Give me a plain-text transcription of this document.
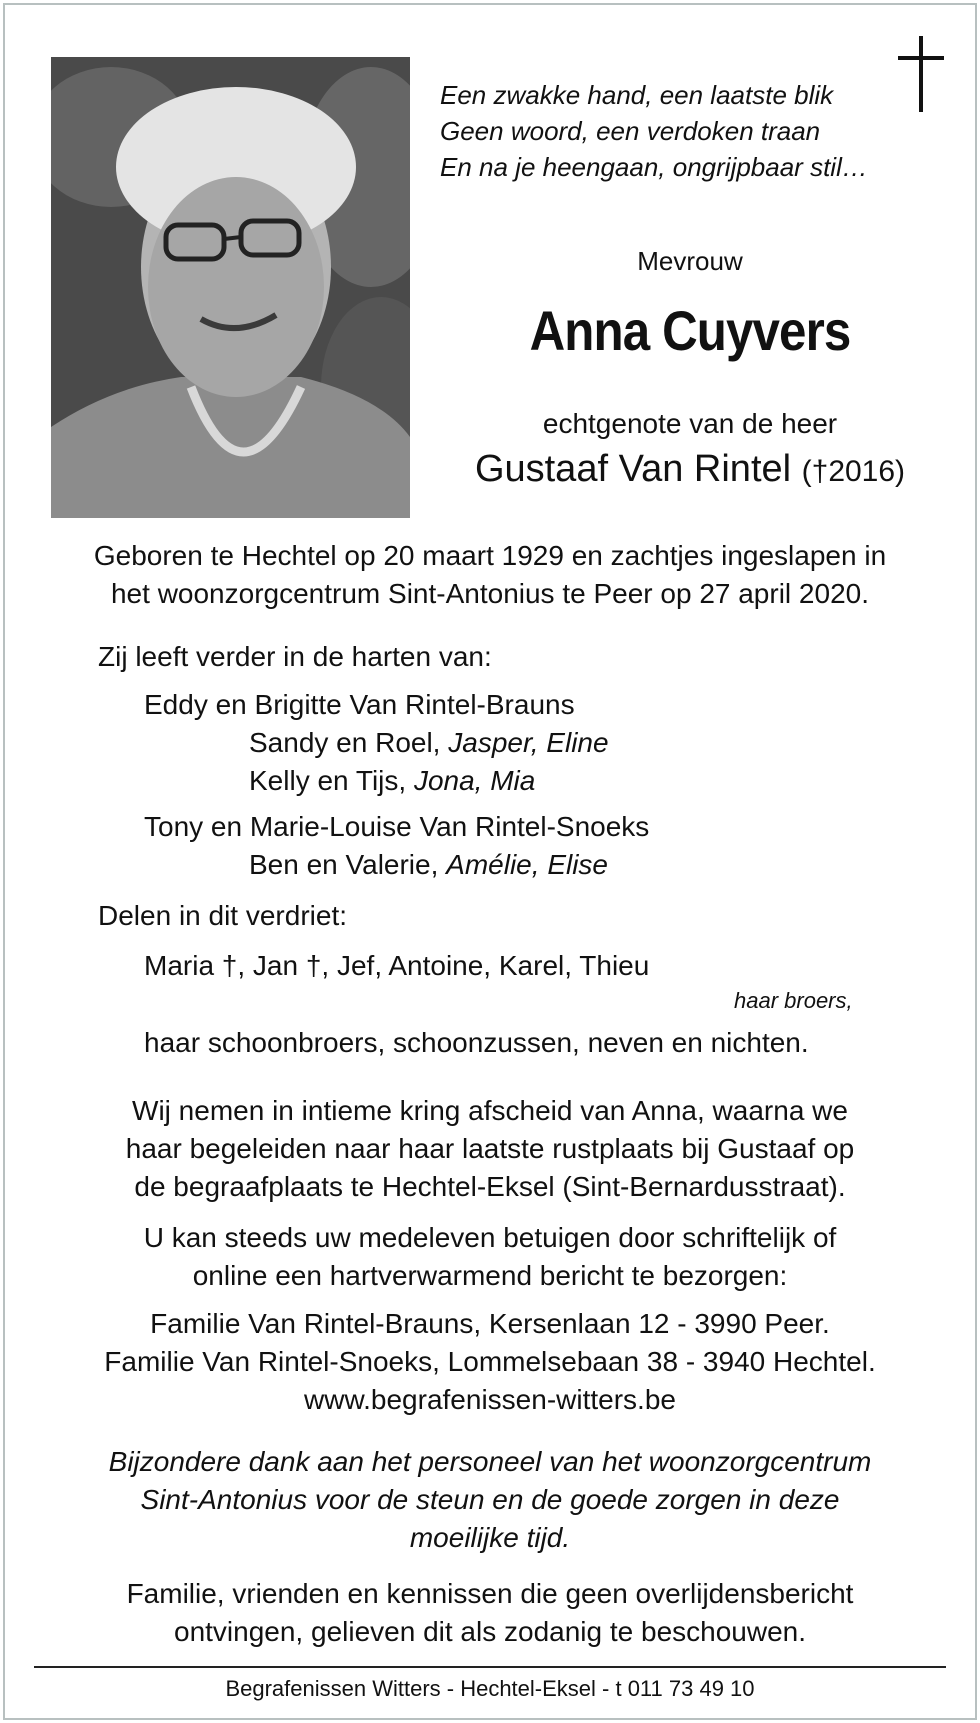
Een zwakke hand, een laatste blik
Geen woord, een verdoken traan
En na je heengaan, ongrijpbaar stil…
Mevrouw
Anna Cuyvers
echtgenote van de heer
Gustaaf Van Rintel (†2016)
Geboren te Hechtel op 20 maart 1929 en zachtjes ingeslapen in
het woonzorgcentrum Sint-Antonius te Peer op 27 april 2020.
Zij leeft verder in de harten van:
Eddy en Brigitte Van Rintel-Brauns
Sandy en Roel, Jasper, Eline
Kelly en Tijs, Jona, Mia
Tony en Marie-Louise Van Rintel-Snoeks
Ben en Valerie, Amélie, Elise
Delen in dit verdriet:
Maria †, Jan †, Jef, Antoine, Karel, Thieu
haar broers,
haar schoonbroers, schoonzussen, neven en nichten.
Wij nemen in intieme kring afscheid van Anna, waarna we
haar begeleiden naar haar laatste rustplaats bij Gustaaf op
de begraafplaats te Hechtel-Eksel (Sint-Bernardusstraat).
U kan steeds uw medeleven betuigen door schriftelijk of
online een hartverwarmend bericht te bezorgen:
Familie Van Rintel-Brauns, Kersenlaan 12 - 3990 Peer.
Familie Van Rintel-Snoeks, Lommelsebaan 38 - 3940 Hechtel.
www.begrafenissen-witters.be
Bijzondere dank aan het personeel van het woonzorgcentrum
Sint-Antonius voor de steun en de goede zorgen in deze
moeilijke tijd.
Familie, vrienden en kennissen die geen overlijdensbericht
ontvingen, gelieven dit als zodanig te beschouwen.
Begrafenissen Witters - Hechtel-Eksel - t 011 73 49 10
